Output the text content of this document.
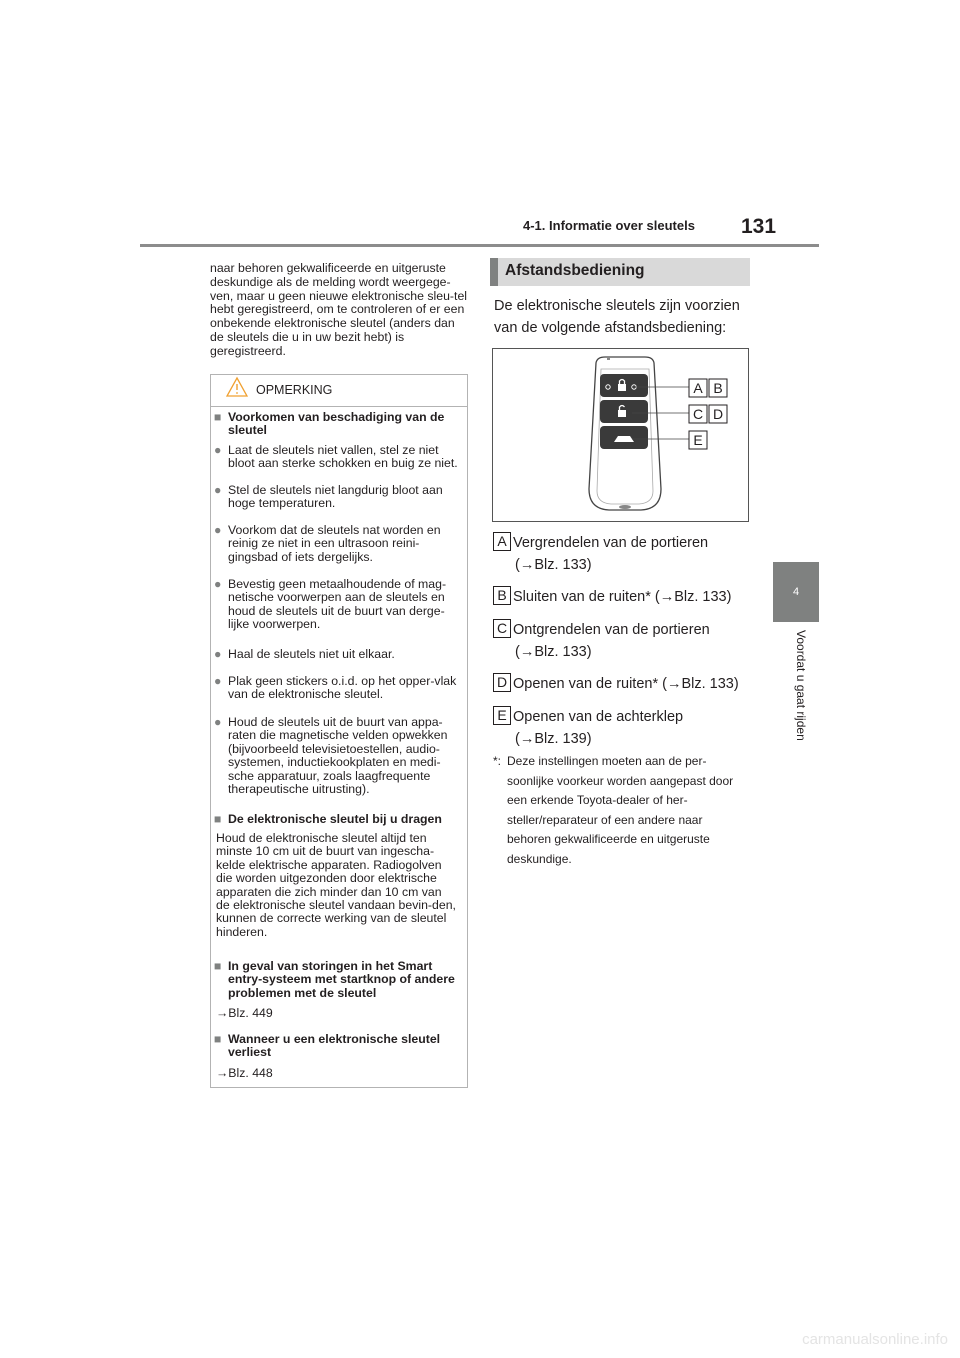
4-1. Informatie over sleutels 131
4
Voordat u gaat rijden
naar behoren gekwalificeerde en uitgeruste deskundige als de melding wordt weergege-ven, maar u geen nieuwe elektronische sleu-tel hebt geregistreerd, om te controleren of er een onbekende elektronische sleutel (anders dan de sleutels die u in uw bezit hebt) is geregistreerd.
OPMERKING
■ Voorkomen van beschadiging van de sleutel
● Laat de sleutels niet vallen, stel ze niet bloot aan sterke schokken en buig ze niet.
● Stel de sleutels niet langdurig bloot aan hoge temperaturen.
● Voorkom dat de sleutels nat worden en reinig ze niet in een ultrasoon reini-gingsbad of iets dergelijks.
● Bevestig geen metaalhoudende of mag-netische voorwerpen aan de sleutels en houd de sleutels uit de buurt van derge-lijke voorwerpen.
● Haal de sleutels niet uit elkaar.
● Plak geen stickers o.i.d. op het opper-vlak van de elektronische sleutel.
● Houd de sleutels uit de buurt van appa-raten die magnetische velden opwekken (bijvoorbeeld televisietoestellen, audio-systemen, inductiekookplaten en medi-sche apparatuur, zoals laagfrequente therapeutische uitrusting).
■ De elektronische sleutel bij u dragen
Houd de elektronische sleutel altijd ten minste 10 cm uit de buurt van ingescha-kelde elektrische apparaten. Radiogolven die worden uitgezonden door elektrische apparaten die zich minder dan 10 cm van de elektronische sleutel vandaan bevin-den, kunnen de correcte werking van de sleutel hinderen.
■ In geval van storingen in het Smart entry-systeem met startknop of andere problemen met de sleutel
→Blz. 449
■ Wanneer u een elektronische sleutel verliest
→Blz. 448
Afstandsbediening
De elektronische sleutels zijn voorzien van de volgende afstandsbediening:
A B
C D
E
A Vergrendelen van de portieren
(→Blz. 133)
B Sluiten van de ruiten* (→Blz. 133)
C Ontgrendelen van de portieren
(→Blz. 133)
D Openen van de ruiten* (→Blz. 133)
E Openen van de achterklep
(→Blz. 139)
*: Deze instellingen moeten aan de per-soonlijke voorkeur worden aangepast door een erkende Toyota-dealer of her-steller/reparateur of een andere naar behoren gekwalificeerde en uitgeruste deskundige.
carmanualsonline.info
